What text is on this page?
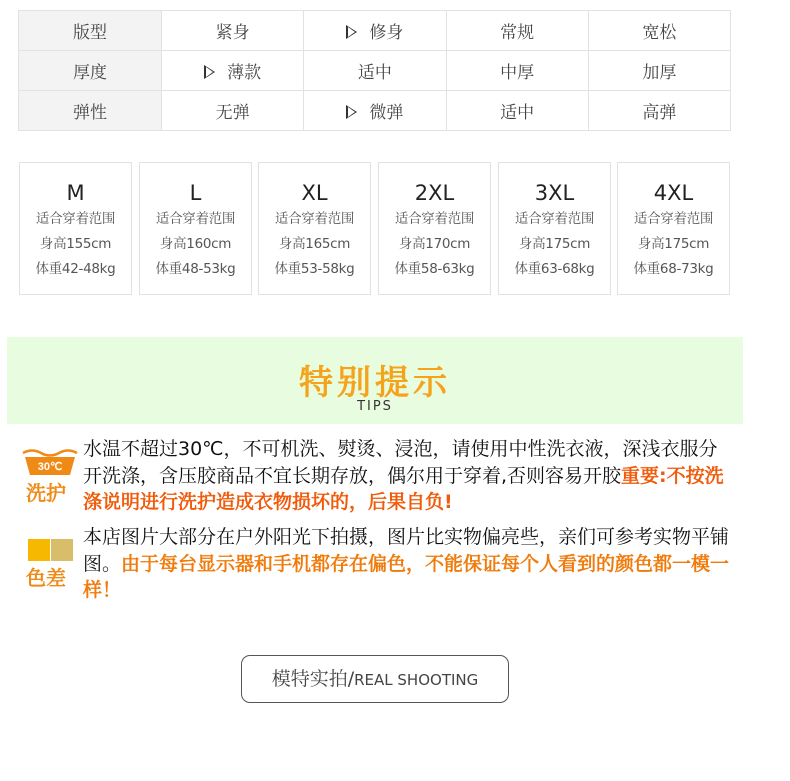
版型	紧身	修身	常规	宽松
厚度	薄款	适中	中厚	加厚
弹性	无弹	微弹	适中	高弹
M
适合穿着范围
身高155cm
体重42-48kg
L
适合穿着范围
身高160cm
体重48-53kg
XL
适合穿着范围
身高165cm
体重53-58kg
2XL
适合穿着范围
身高170cm
体重58-63kg
3XL
适合穿着范围
身高175cm
体重63-68kg
4XL
适合穿着范围
身高175cm
体重68-73kg
特别提示
TIPS
30℃
洗护
水温不超过30℃，不可机洗、熨烫、浸泡，请使用中性洗衣液，深浅衣服分开洗涤，含压胶商品不宜长期存放，偶尔用于穿着,否则容易开胶重要:不按洗涤说明进行洗护造成衣物损坏的，后果自负!
色差
本店图片大部分在户外阳光下拍摄，图片比实物偏亮些，亲们可参考实物平铺图。由于每台显示器和手机都存在偏色，不能保证每个人看到的颜色都一模一样！
模特实拍/REAL SHOOTING
